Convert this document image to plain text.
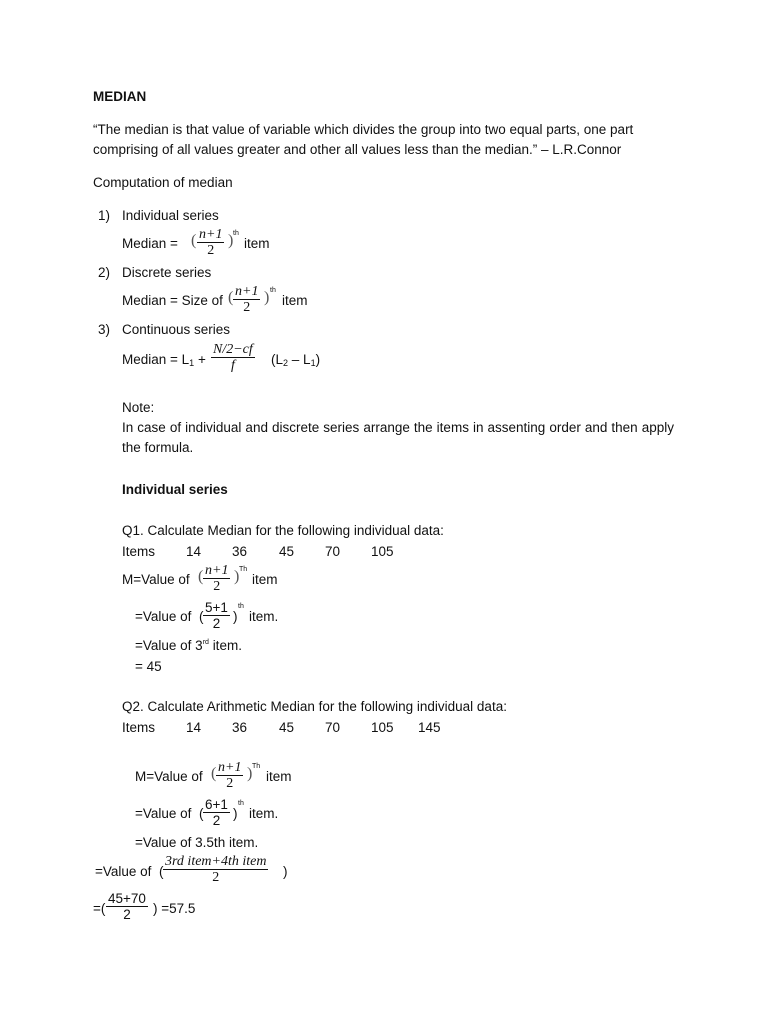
MEDIAN
“The median is that value of variable which divides the group into two equal parts, one part
comprising of all values greater and other all values less than the median.” – L.R.Connor
Computation of median
1) Individual series
Median = ( n+1
2
) th
item
2) Discrete series
Median = Size of ( n+1
2
) th
item
3) Continuous series
Median = $L_1$ +
N/2−cf
f	$(L_2 - L_1)$
Note:
In case of individual and discrete series arrange the items in assenting order and then apply the formula.
Individual series
Q1. Calculate Median for the following individual data:
Items 14 36 45 70 105
M=Value of ( n+1
2
) Th
item
=Value of (
5+1
2 )
th
item.
=Value of 3rd item.
= 45
Q2. Calculate Arithmetic Median for the following individual data:
Items 14 36 45 70 105 145
M=Value of ( n+1
2
) Th
item
=Value of (
6+1
2 )
th
item.
=Value of 3.5th item.
=Value of (
3rd item+4th item
2	)
=(
45+70
2 ) =57.5
